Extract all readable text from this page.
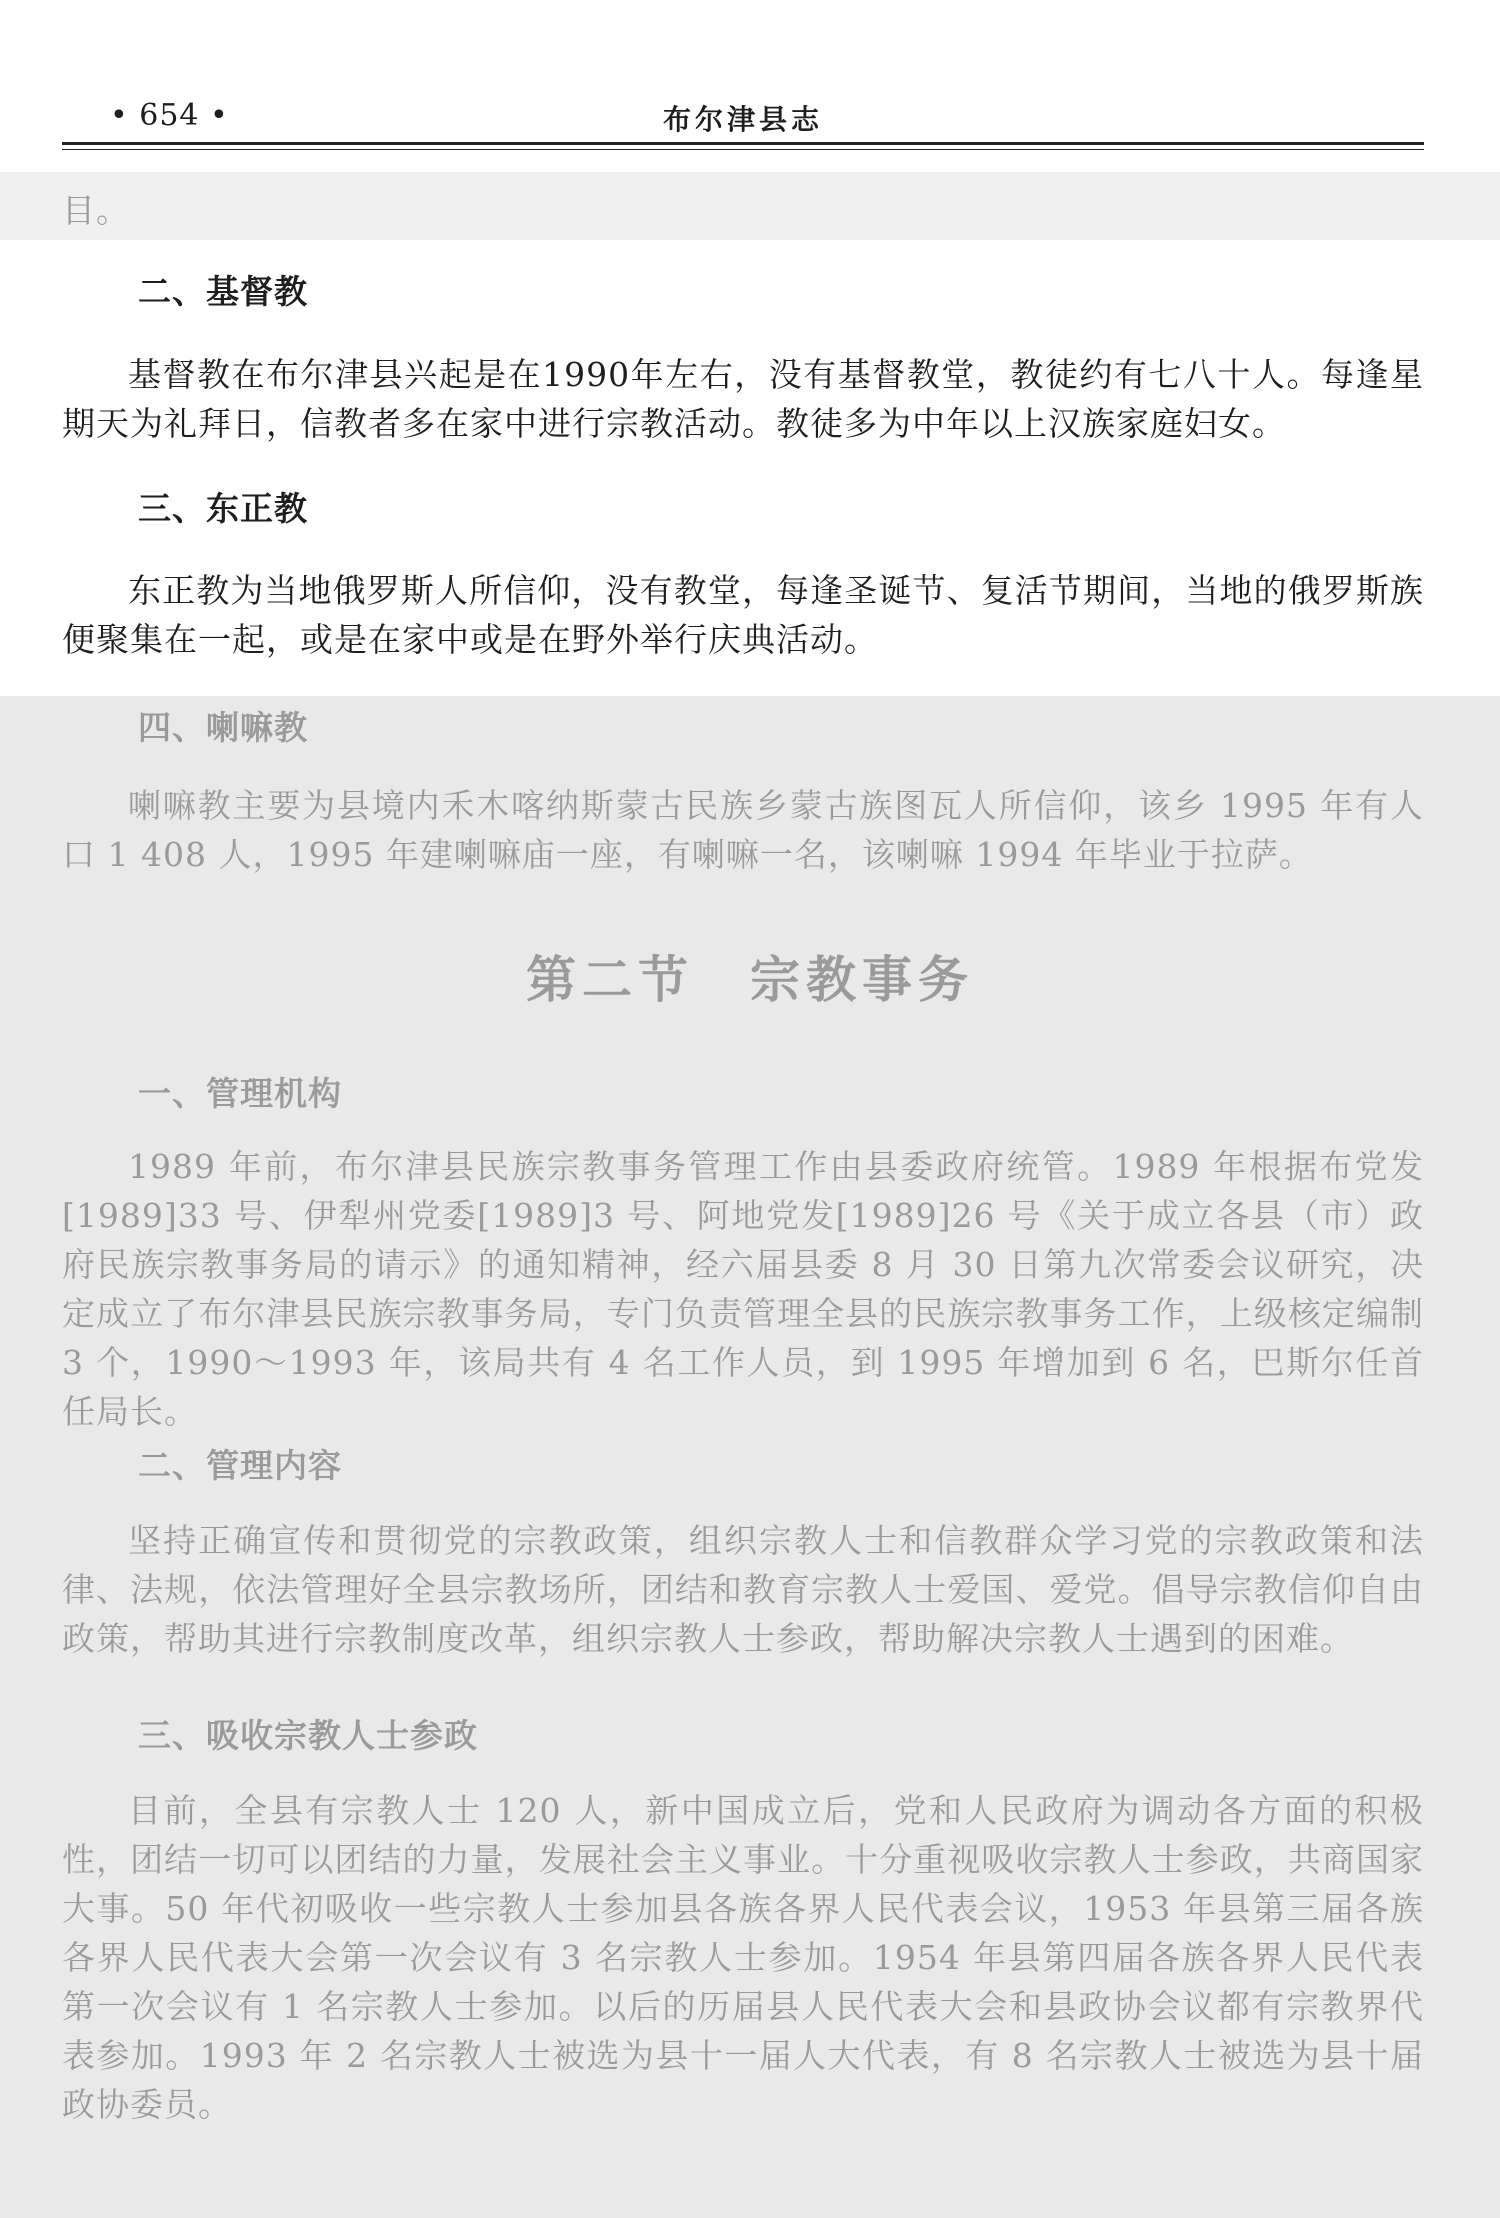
• 654 •	布尔津县志

目。

二、基督教

基督教在布尔津县兴起是在1990年左右，没有基督教堂，教徒约有七八十人。每逢星期天为礼拜日，信教者多在家中进行宗教活动。教徒多为中年以上汉族家庭妇女。

三、东正教

东正教为当地俄罗斯人所信仰，没有教堂，每逢圣诞节、复活节期间，当地的俄罗斯族便聚集在一起，或是在家中或是在野外举行庆典活动。

四、喇嘛教

喇嘛教主要为县境内禾木喀纳斯蒙古民族乡蒙古族图瓦人所信仰，该乡 1995 年有人口 1 408 人，1995 年建喇嘛庙一座，有喇嘛一名，该喇嘛 1994 年毕业于拉萨。

第二节　宗教事务
一、管理机构

1989 年前，布尔津县民族宗教事务管理工作由县委政府统管。1989 年根据布党发[1989]33 号、伊犁州党委[1989]3 号、阿地党发[1989]26 号《关于成立各县（市）政府民族宗教事务局的请示》的通知精神，经六届县委 8 月 30 日第九次常委会议研究，决定成立了布尔津县民族宗教事务局，专门负责管理全县的民族宗教事务工作，上级核定编制 3 个，1990～1993 年，该局共有 4 名工作人员，到 1995 年增加到 6 名，巴斯尔任首任局长。

二、管理内容

坚持正确宣传和贯彻党的宗教政策，组织宗教人士和信教群众学习党的宗教政策和法律、法规，依法管理好全县宗教场所，团结和教育宗教人士爱国、爱党。倡导宗教信仰自由政策，帮助其进行宗教制度改革，组织宗教人士参政，帮助解决宗教人士遇到的困难。

三、吸收宗教人士参政

目前，全县有宗教人士 120 人，新中国成立后，党和人民政府为调动各方面的积极性，团结一切可以团结的力量，发展社会主义事业。十分重视吸收宗教人士参政，共商国家大事。50 年代初吸收一些宗教人士参加县各族各界人民代表会议，1953 年县第三届各族各界人民代表大会第一次会议有 3 名宗教人士参加。1954 年县第四届各族各界人民代表第一次会议有 1 名宗教人士参加。以后的历届县人民代表大会和县政协会议都有宗教界代表参加。1993 年 2 名宗教人士被选为县十一届人大代表，有 8 名宗教人士被选为县十届政协委员。
